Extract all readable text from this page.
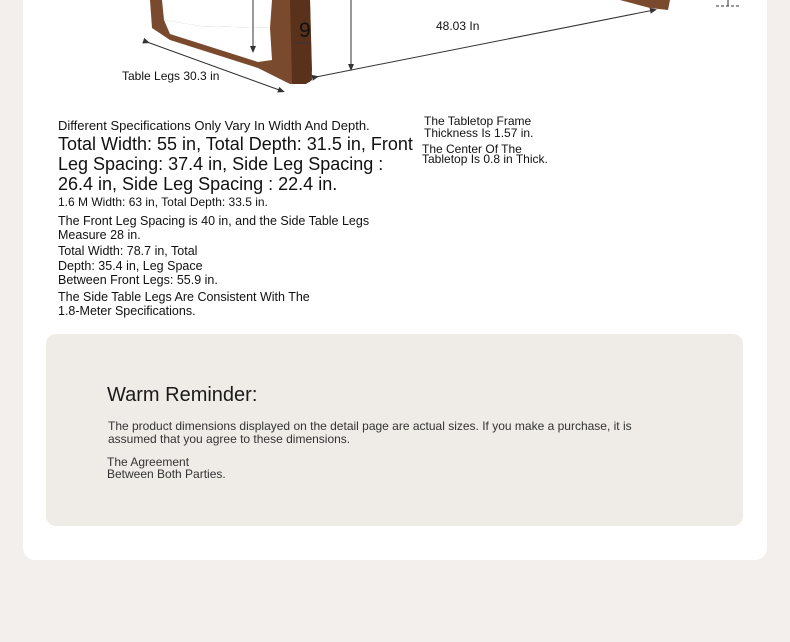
9	48.03 In
Table Legs 30.3 in
Different Specifications Only Vary In Width And Depth.
Total Width: 55 in, Total Depth: 31.5 in, Front Leg Spacing: 37.4 in, Side Leg Spacing : 26.4 in, Side Leg Spacing : 22.4 in.
1.6 M Width: 63 in, Total Depth: 33.5 in.
The Front Leg Spacing is 40 in, and the Side Table Legs Measure 28 in.
Total Width: 78.7 in, Total
Depth: 35.4 in, Leg Space
Between Front Legs: 55.9 in.
The Side Table Legs Are Consistent With The
1.8-Meter Specifications.
The Tabletop Frame
Thickness Is 1.57 in.
The Center Of The
Tabletop Is 0.8 in Thick.
Warm Reminder:
The product dimensions displayed on the detail page are actual sizes. If you make a purchase, it is assumed that you agree to these dimensions.
The Agreement
Between Both Parties.
